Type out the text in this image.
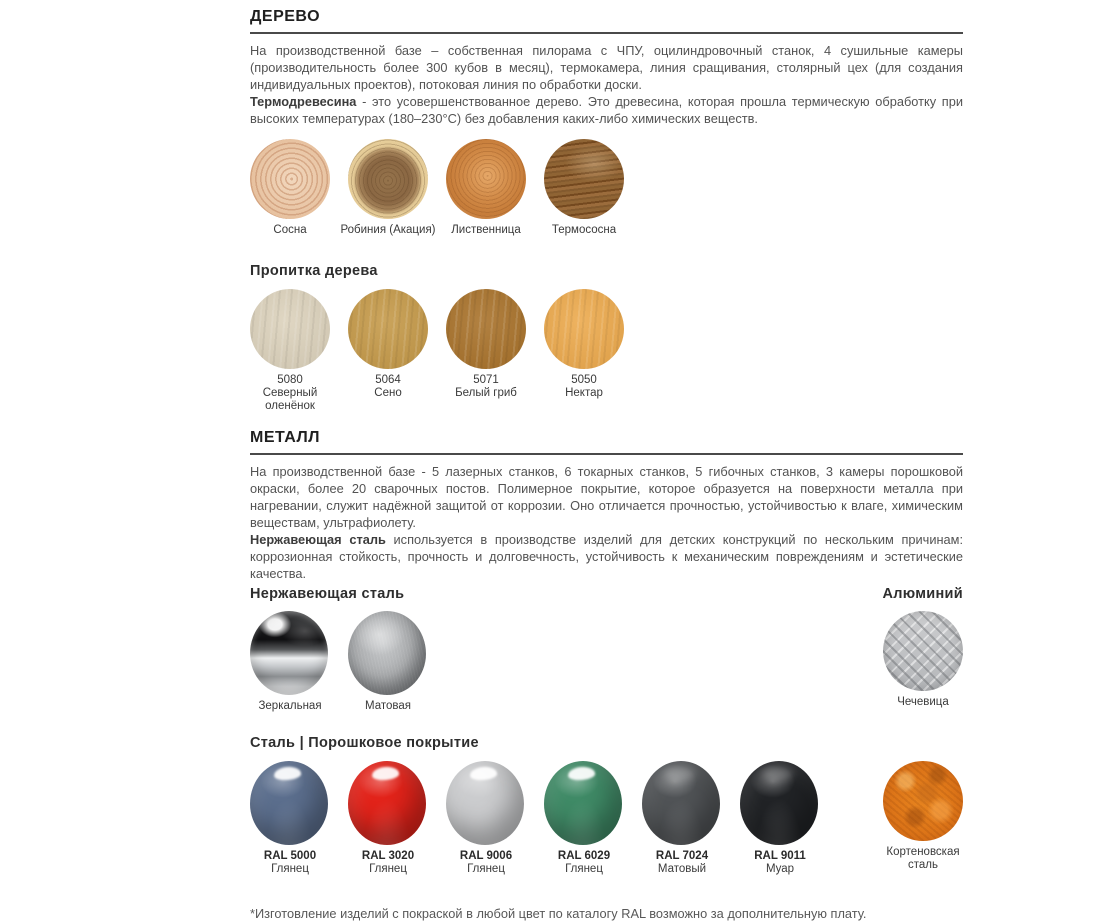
ДЕРЕВО

На производственной базе – собственная пилорама с ЧПУ, оцилиндровочный станок, 4 сушильные камеры (производительность более 300 кубов в месяц), термокамера, линия сращивания, столярный цех (для создания индивидуальных проектов), потоковая линия по обработки доски.

Термодревесина - это усовершенствованное дерево. Это древесина, которая прошла термическую обработку при высоких температурах (180–230°С) без добавления каких-либо химических веществ.

Сосна	Робиния (Акация)	Лиственница	Термососна
Пропитка дерева
5080
Северный
оленёнок
5064
Сено
5071
Белый гриб
5050
Нектар
МЕТАЛЛ

На производственной базе - 5 лазерных станков, 6 токарных станков, 5 гибочных станков, 3 камеры порошковой окраски, более 20 сварочных постов. Полимерное покрытие, которое образуется на поверхности металла при нагревании, служит надёжной защитой от коррозии. Оно отличается прочностью, устойчивостью к влаге, химическим веществам, ультрафиолету.

Нержавеющая сталь используется в производстве изделий для детских конструкций по нескольким причинам: коррозионная стойкость, прочность и долговечность, устойчивость к механическим повреждениям и эстетические качества.

Нержавеющая сталь	Алюминий
Зеркальная	Матовая	Чечевица
Сталь | Порошковое покрытие
RAL 5000
Глянец
RAL 3020
Глянец
RAL 9006
Глянец
RAL 6029
Глянец
RAL 7024
Матовый
RAL 9011
Муар
Кортеновская
сталь

*Изготовление изделий с покраской в любой цвет по каталогу RAL возможно за дополнительную плату.
